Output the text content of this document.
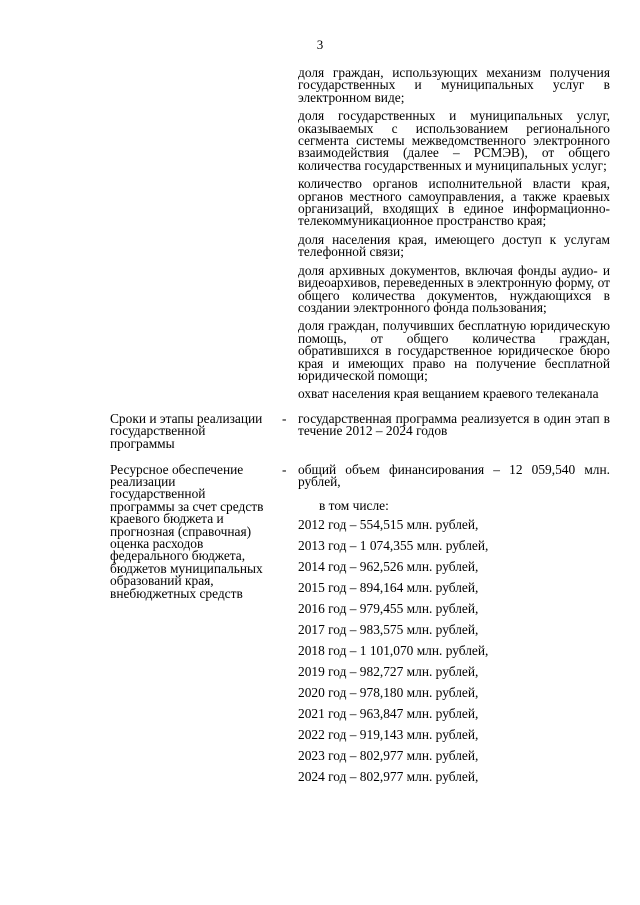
3

доля граждан, использующих механизм получения государственных и муниципальных услуг в электронном виде;

доля государственных и муниципальных услуг, оказываемых с использованием регионального сегмента системы межведомственного электронного взаимодействия (далее – РСМЭВ), от общего количества государственных и муниципальных услуг;

количество органов исполнительной власти края, органов местного самоуправления, а также краевых организаций, входящих в единое информационно-телекоммуникационное пространство края;

доля населения края, имеющего доступ к услугам телефонной связи;

доля архивных документов, включая фонды аудио- и видеоархивов, переведенных в электронную форму, от общего количества документов, нуждающихся в создании электронного фонда пользования;

доля граждан, получивших бесплатную юридическую помощь, от общего количества граждан, обратившихся в государственное юридическое бюро края и имеющих право на получение бесплатной юридической помощи;

охват населения края вещанием краевого телеканала

Сроки и этапы реализации государственной программы
- государственная программа реализуется в один этап в течение 2012 – 2024 годов

Ресурсное обеспечение реализации государственной программы за счет средств краевого бюджета и прогнозная (справочная) оценка расходов федерального бюджета, бюджетов муниципальных образований края, внебюджетных средств
- общий объем финансирования – 12 059,540 млн. рублей,

в том числе:
2012 год – 554,515 млн. рублей,
2013 год – 1 074,355 млн. рублей,
2014 год – 962,526 млн. рублей,
2015 год – 894,164 млн. рублей,
2016 год – 979,455 млн. рублей,
2017 год – 983,575 млн. рублей,
2018 год – 1 101,070 млн. рублей,
2019 год – 982,727 млн. рублей,
2020 год – 978,180 млн. рублей,
2021 год – 963,847 млн. рублей,
2022 год – 919,143 млн. рублей,
2023 год – 802,977 млн. рублей,
2024 год – 802,977 млн. рублей,
